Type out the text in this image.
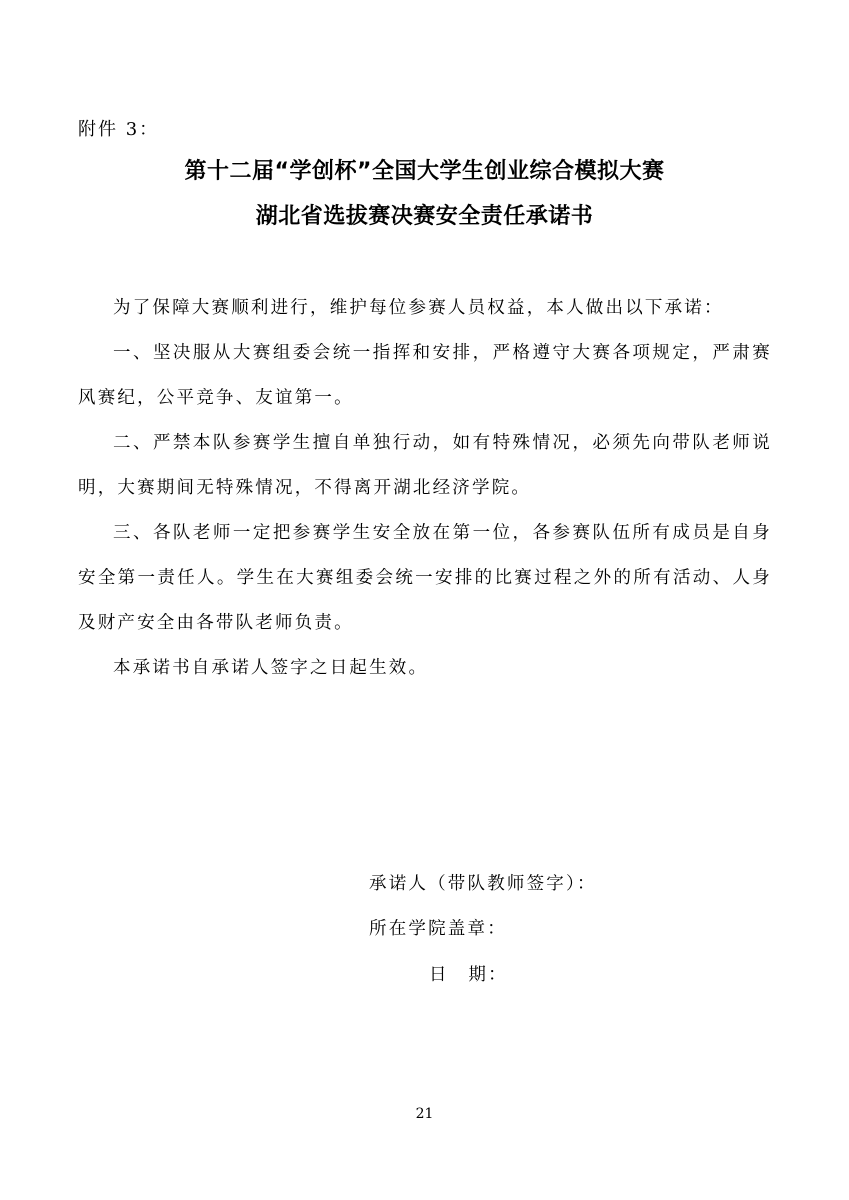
附件 3：
第十二届“学创杯”全国大学生创业综合模拟大赛
湖北省选拔赛决赛安全责任承诺书

为了保障大赛顺利进行，维护每位参赛人员权益，本人做出以下承诺：

一、坚决服从大赛组委会统一指挥和安排，严格遵守大赛各项规定，严肃赛风赛纪，公平竞争、友谊第一。

二、严禁本队参赛学生擅自单独行动，如有特殊情况，必须先向带队老师说明，大赛期间无特殊情况，不得离开湖北经济学院。

三、各队老师一定把参赛学生安全放在第一位，各参赛队伍所有成员是自身安全第一责任人。学生在大赛组委会统一安排的比赛过程之外的所有活动、人身及财产安全由各带队老师负责。

本承诺书自承诺人签字之日起生效。

承诺人（带队教师签字）：
所在学院盖章：
日　期：
21
